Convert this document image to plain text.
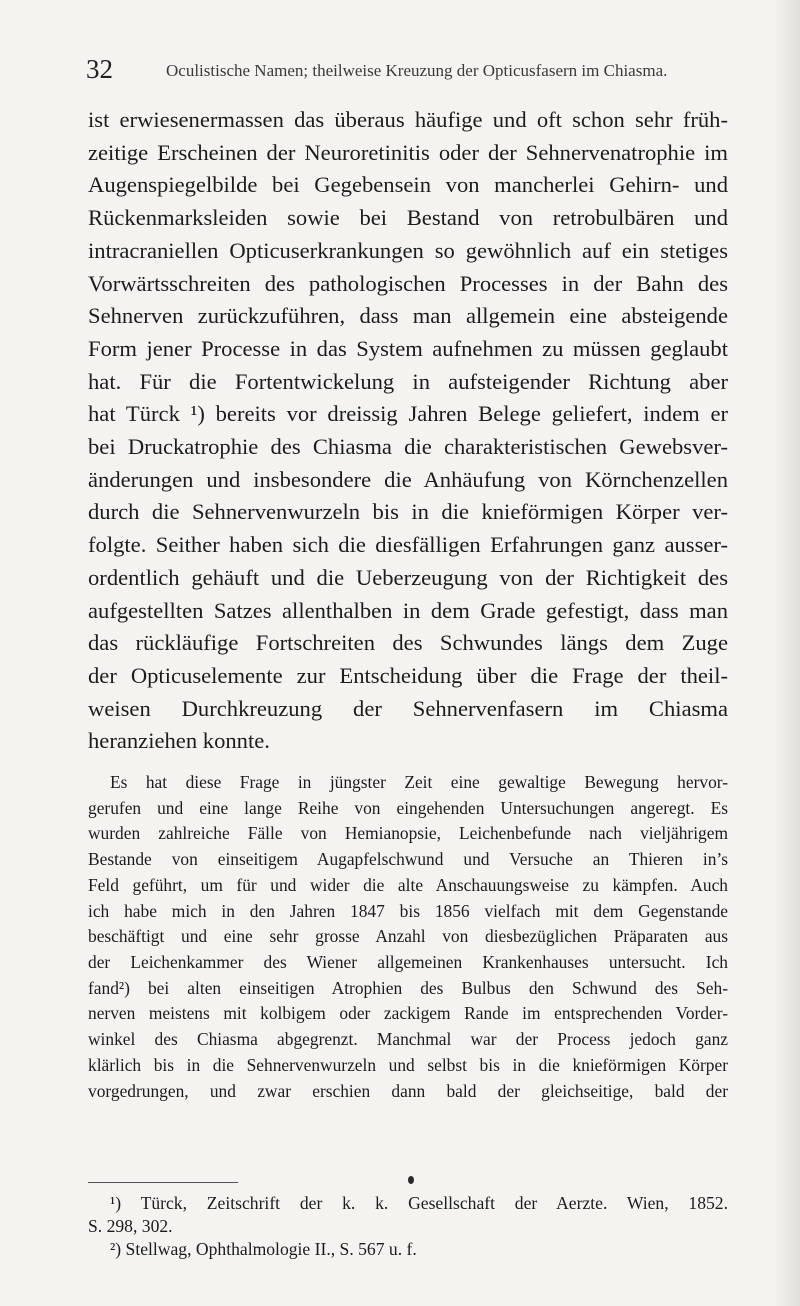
32	Oculistische Namen; theilweise Kreuzung der Opticusfasern im Chiasma.

ist erwiesenermassen das überaus häufige und oft schon sehr früh-
zeitige Erscheinen der Neuroretinitis oder der Sehnervenatrophie im
Augenspiegelbilde bei Gegebensein von mancherlei Gehirn- und
Rückenmarksleiden sowie bei Bestand von retrobulbären und
intracraniellen Opticuserkrankungen so gewöhnlich auf ein stetiges
Vorwärtsschreiten des pathologischen Processes in der Bahn des
Sehnerven zurückzuführen, dass man allgemein eine absteigende
Form jener Processe in das System aufnehmen zu müssen geglaubt
hat. Für die Fortentwickelung in aufsteigender Richtung aber
hat Türck ¹) bereits vor dreissig Jahren Belege geliefert, indem er
bei Druckatrophie des Chiasma die charakteristischen Gewebsver-
änderungen und insbesondere die Anhäufung von Körnchenzellen
durch die Sehnervenwurzeln bis in die knieförmigen Körper ver-
folgte. Seither haben sich die diesfälligen Erfahrungen ganz ausser-
ordentlich gehäuft und die Ueberzeugung von der Richtigkeit des
aufgestellten Satzes allenthalben in dem Grade gefestigt, dass man
das rückläufige Fortschreiten des Schwundes längs dem Zuge
der Opticuselemente zur Entscheidung über die Frage der theil-
weisen Durchkreuzung der Sehnervenfasern im Chiasma
heranziehen konnte.

Es hat diese Frage in jüngster Zeit eine gewaltige Bewegung hervor-
gerufen und eine lange Reihe von eingehenden Untersuchungen angeregt. Es
wurden zahlreiche Fälle von Hemianopsie, Leichenbefunde nach vieljährigem
Bestande von einseitigem Augapfelschwund und Versuche an Thieren in’s
Feld geführt, um für und wider die alte Anschauungsweise zu kämpfen. Auch
ich habe mich in den Jahren 1847 bis 1856 vielfach mit dem Gegenstande
beschäftigt und eine sehr grosse Anzahl von diesbezüglichen Präparaten aus
der Leichenkammer des Wiener allgemeinen Krankenhauses untersucht. Ich
fand²) bei alten einseitigen Atrophien des Bulbus den Schwund des Seh-
nerven meistens mit kolbigem oder zackigem Rande im entsprechenden Vorder-
winkel des Chiasma abgegrenzt. Manchmal war der Process jedoch ganz
klärlich bis in die Sehnervenwurzeln und selbst bis in die knieförmigen Körper
vorgedrungen, und zwar erschien dann bald der gleichseitige, bald der
¹) Türck, Zeitschrift der k. k. Gesellschaft der Aerzte. Wien, 1852.
S. 298, 302.
²) Stellwag, Ophthalmologie II., S. 567 u. f.
